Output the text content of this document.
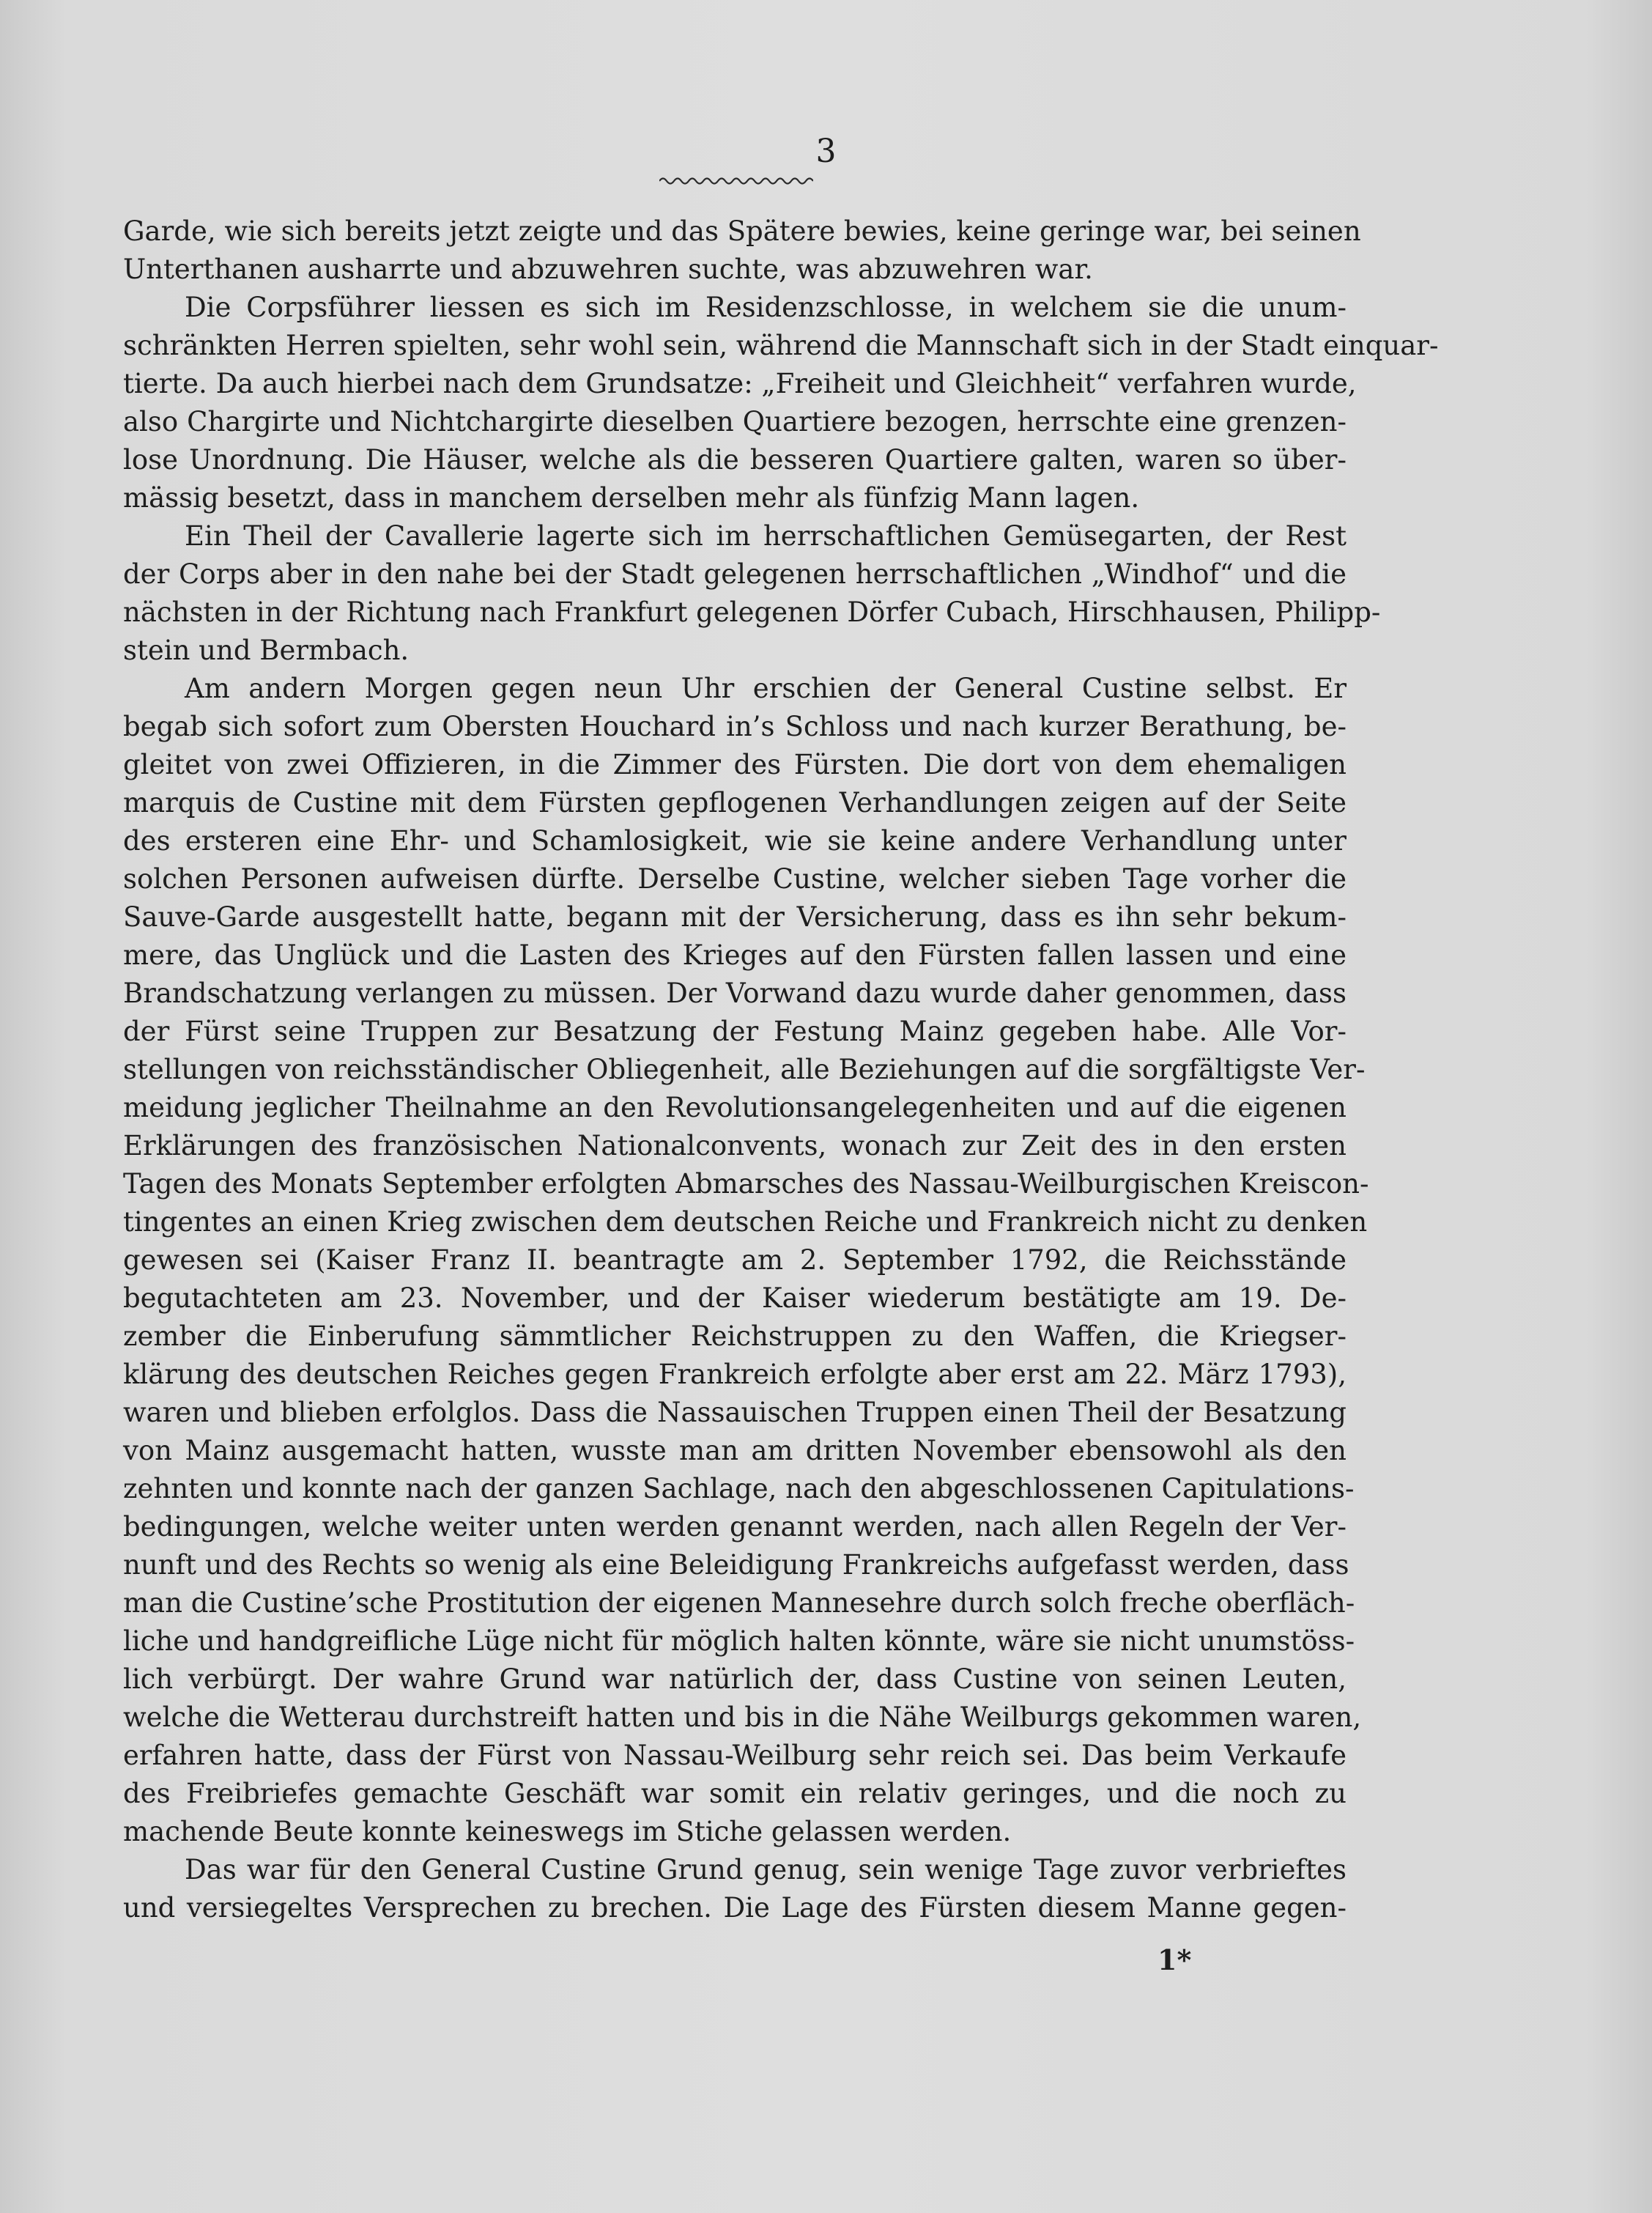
3
Garde, wie sich bereits jetzt zeigte und das Spätere bewies, keine geringe war, bei seinen
Unterthanen ausharrte und abzuwehren suchte, was abzuwehren war.
Die Corpsführer liessen es sich im Residenzschlosse, in welchem sie die unum-
schränkten Herren spielten, sehr wohl sein, während die Mannschaft sich in der Stadt einquar-
tierte. Da auch hierbei nach dem Grundsatze: „Freiheit und Gleichheit“ verfahren wurde,
also Chargirte und Nichtchargirte dieselben Quartiere bezogen, herrschte eine grenzen-
lose Unordnung. Die Häuser, welche als die besseren Quartiere galten, waren so über-
mässig besetzt, dass in manchem derselben mehr als fünfzig Mann lagen.
Ein Theil der Cavallerie lagerte sich im herrschaftlichen Gemüsegarten, der Rest
der Corps aber in den nahe bei der Stadt gelegenen herrschaftlichen „Windhof“ und die
nächsten in der Richtung nach Frankfurt gelegenen Dörfer Cubach, Hirschhausen, Philipp-
stein und Bermbach.
Am andern Morgen gegen neun Uhr erschien der General Custine selbst. Er
begab sich sofort zum Obersten Houchard in’s Schloss und nach kurzer Berathung, be-
gleitet von zwei Offizieren, in die Zimmer des Fürsten. Die dort von dem ehemaligen
marquis de Custine mit dem Fürsten gepflogenen Verhandlungen zeigen auf der Seite
des ersteren eine Ehr- und Schamlosigkeit, wie sie keine andere Verhandlung unter
solchen Personen aufweisen dürfte. Derselbe Custine, welcher sieben Tage vorher die
Sauve-Garde ausgestellt hatte, begann mit der Versicherung, dass es ihn sehr bekum-
mere, das Unglück und die Lasten des Krieges auf den Fürsten fallen lassen und eine
Brandschatzung verlangen zu müssen. Der Vorwand dazu wurde daher genommen, dass
der Fürst seine Truppen zur Besatzung der Festung Mainz gegeben habe. Alle Vor-
stellungen von reichsständischer Obliegenheit, alle Beziehungen auf die sorgfältigste Ver-
meidung jeglicher Theilnahme an den Revolutionsangelegenheiten und auf die eigenen
Erklärungen des französischen Nationalconvents, wonach zur Zeit des in den ersten
Tagen des Monats September erfolgten Abmarsches des Nassau-Weilburgischen Kreiscon-
tingentes an einen Krieg zwischen dem deutschen Reiche und Frankreich nicht zu denken
gewesen sei (Kaiser Franz II. beantragte am 2. September 1792, die Reichsstände
begutachteten am 23. November, und der Kaiser wiederum bestätigte am 19. De-
zember die Einberufung sämmtlicher Reichstruppen zu den Waffen, die Kriegser-
klärung des deutschen Reiches gegen Frankreich erfolgte aber erst am 22. März 1793),
waren und blieben erfolglos. Dass die Nassauischen Truppen einen Theil der Besatzung
von Mainz ausgemacht hatten, wusste man am dritten November ebensowohl als den
zehnten und konnte nach der ganzen Sachlage, nach den abgeschlossenen Capitulations-
bedingungen, welche weiter unten werden genannt werden, nach allen Regeln der Ver-
nunft und des Rechts so wenig als eine Beleidigung Frankreichs aufgefasst werden, dass
man die Custine’sche Prostitution der eigenen Mannesehre durch solch freche oberfläch-
liche und handgreifliche Lüge nicht für möglich halten könnte, wäre sie nicht unumstöss-
lich verbürgt. Der wahre Grund war natürlich der, dass Custine von seinen Leuten,
welche die Wetterau durchstreift hatten und bis in die Nähe Weilburgs gekommen waren,
erfahren hatte, dass der Fürst von Nassau-Weilburg sehr reich sei. Das beim Verkaufe
des Freibriefes gemachte Geschäft war somit ein relativ geringes, und die noch zu
machende Beute konnte keineswegs im Stiche gelassen werden.
Das war für den General Custine Grund genug, sein wenige Tage zuvor verbrieftes
und versiegeltes Versprechen zu brechen. Die Lage des Fürsten diesem Manne gegen-
1*
